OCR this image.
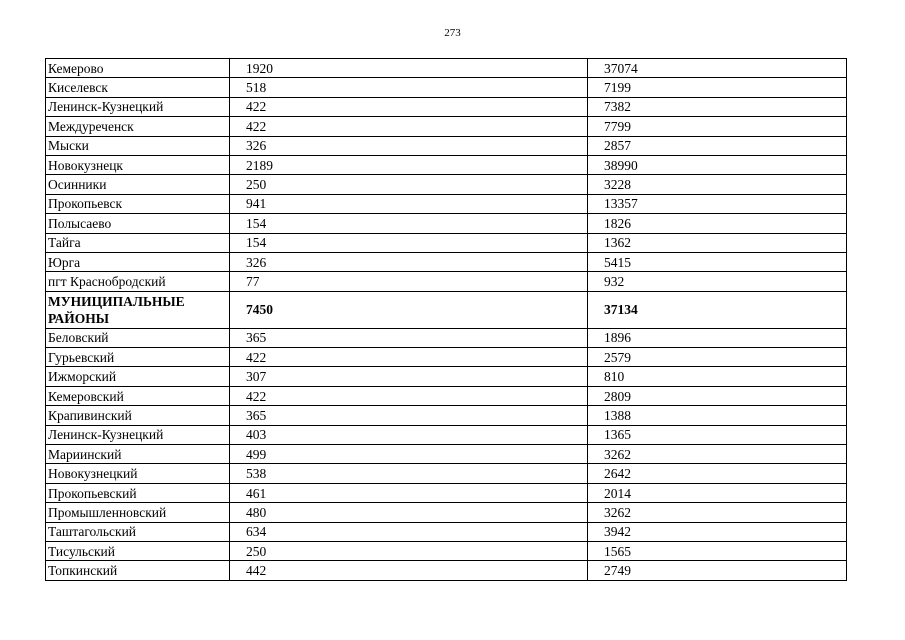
273
Кемерово	1920	37074
Киселевск	518	7199
Ленинск-Кузнецкий	422	7382
Междуреченск	422	7799
Мыски	326	2857
Новокузнецк	2189	38990
Осинники	250	3228
Прокопьевск	941	13357
Полысаево	154	1826
Тайга	154	1362
Юрга	326	5415
пгт Краснобродский	77	932
МУНИЦИПАЛЬНЫЕ РАЙОНЫ	7450	37134
Беловский	365	1896
Гурьевский	422	2579
Ижморский	307	810
Кемеровский	422	2809
Крапивинский	365	1388
Ленинск-Кузнецкий	403	1365
Мариинский	499	3262
Новокузнецкий	538	2642
Прокопьевский	461	2014
Промышленновский	480	3262
Таштагольский	634	3942
Тисульский	250	1565
Топкинский	442	2749
